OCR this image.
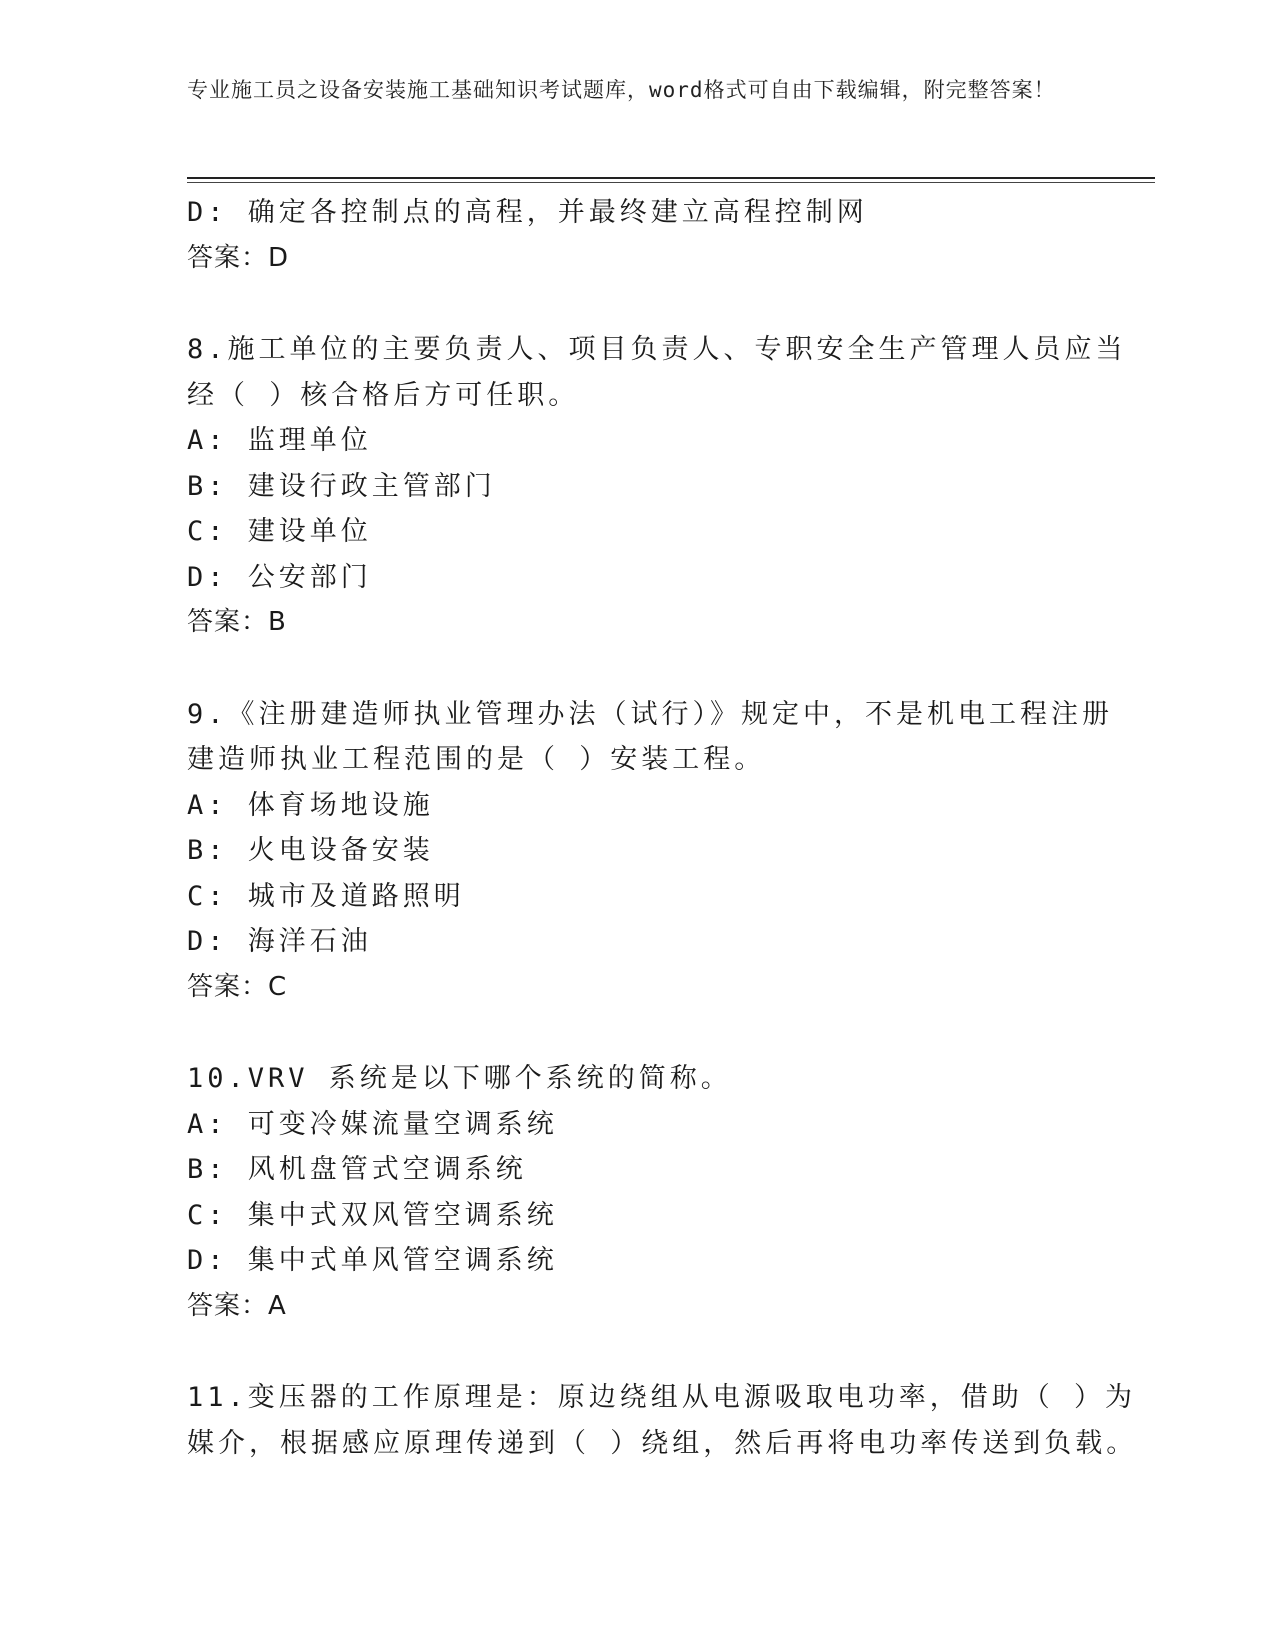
专业施工员之设备安装施工基础知识考试题库，word格式可自由下载编辑，附完整答案！
D: 确定各控制点的高程，并最终建立高程控制网
答案：D
8.施工单位的主要负责人、项目负责人、专职安全生产管理人员应当
经（ ）核合格后方可任职。
A: 监理单位
B: 建设行政主管部门
C: 建设单位
D: 公安部门
答案：B
9.《注册建造师执业管理办法（试行）》规定中，不是机电工程注册
建造师执业工程范围的是（ ）安装工程。
A: 体育场地设施
B: 火电设备安装
C: 城市及道路照明
D: 海洋石油
答案：C
10.VRV 系统是以下哪个系统的简称。
A: 可变冷媒流量空调系统
B: 风机盘管式空调系统
C: 集中式双风管空调系统
D: 集中式单风管空调系统
答案：A
11.变压器的工作原理是：原边绕组从电源吸取电功率，借助（ ）为
媒介，根据感应原理传递到（ ）绕组，然后再将电功率传送到负载。
